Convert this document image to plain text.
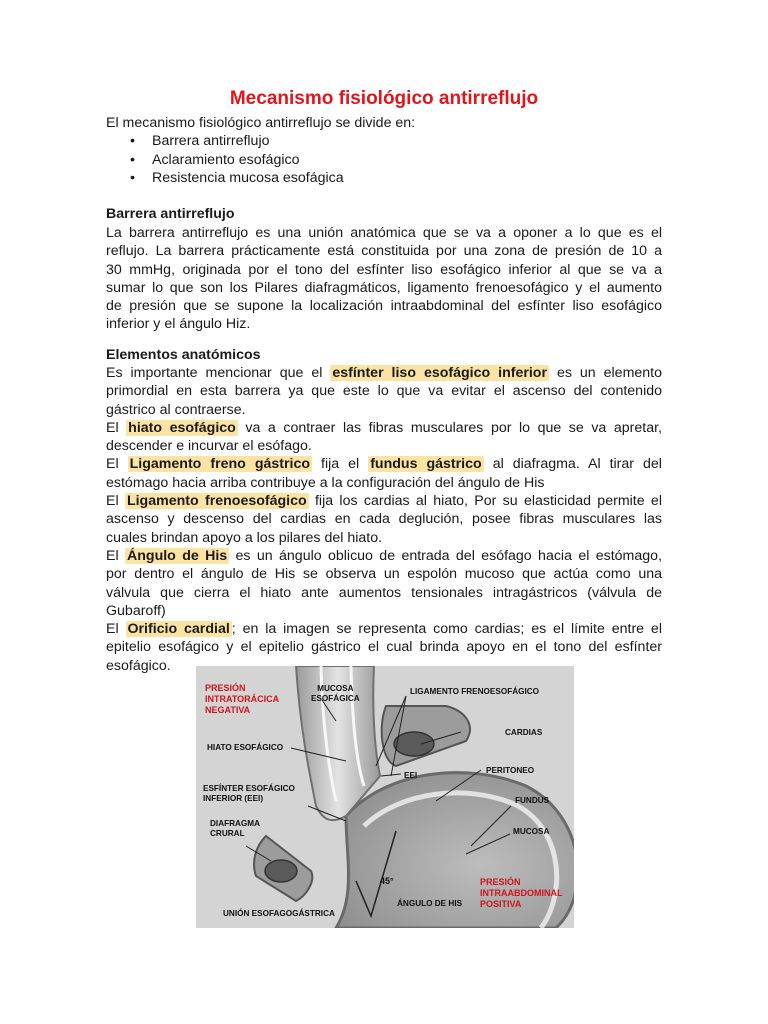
Mecanismo fisiológico antirreflujo
El mecanismo fisiológico antirreflujo se divide en:
• Barrera antirreflujo
• Aclaramiento esofágico
• Resistencia mucosa esofágica
Barrera antirreflujo
La barrera antirreflujo es una unión anatómica que se va a oponer a lo que es el
reflujo. La barrera prácticamente está constituida por una zona de presión de 10 a
30 mmHg, originada por el tono del esfínter liso esofágico inferior al que se va a
sumar lo que son los Pilares diafragmáticos, ligamento frenoesofágico y el aumento
de presión que se supone la localización intraabdominal del esfínter liso esofágico
inferior y el ángulo Hiz.
Elementos anatómicos
Es importante mencionar que el esfínter liso esofágico inferior es un elemento
primordial en esta barrera ya que este lo que va evitar el ascenso del contenido
gástrico al contraerse.
El hiato esofágico va a contraer las fibras musculares por lo que se va apretar,
descender e incurvar el esófago.
El Ligamento freno gástrico fija el fundus gástrico al diafragma. Al tirar del
estómago hacia arriba contribuye a la configuración del ángulo de His
El Ligamento frenoesofágico fija los cardias al hiato, Por su elasticidad permite el
ascenso y descenso del cardias en cada deglución, posee fibras musculares las
cuales brindan apoyo a los pilares del hiato.
El Ángulo de His es un ángulo oblicuo de entrada del esófago hacia el estómago,
por dentro el ángulo de His se observa un espolón mucoso que actúa como una
válvula que cierra el hiato ante aumentos tensionales intragástricos (válvula de
Gubaroff)
El Orificio cardial ; en la imagen se representa como cardias; es el límite entre el
epitelio esofágico y el epitelio gástrico el cual brinda apoyo en el tono del esfínter
esofágico.
PRESIÓN
INTRATORÁCICA
NEGATIVA
MUCOSA
ESOFÁGICA
LIGAMENTO FRENOESOFÁGICO
CARDIAS
HIATO ESOFÁGICO
EEI
PERITONEO
ESFÍNTER ESOFÁGICO
INFERIOR (EEI)	FUNDUS
DIAFRAGMA
CRURAL	MUCOSA
45°	PRESIÓN
INTRAABDOMINAL
POSITIVA
ÁNGULO DE HIS
UNIÓN ESOFAGOGÁSTRICA
